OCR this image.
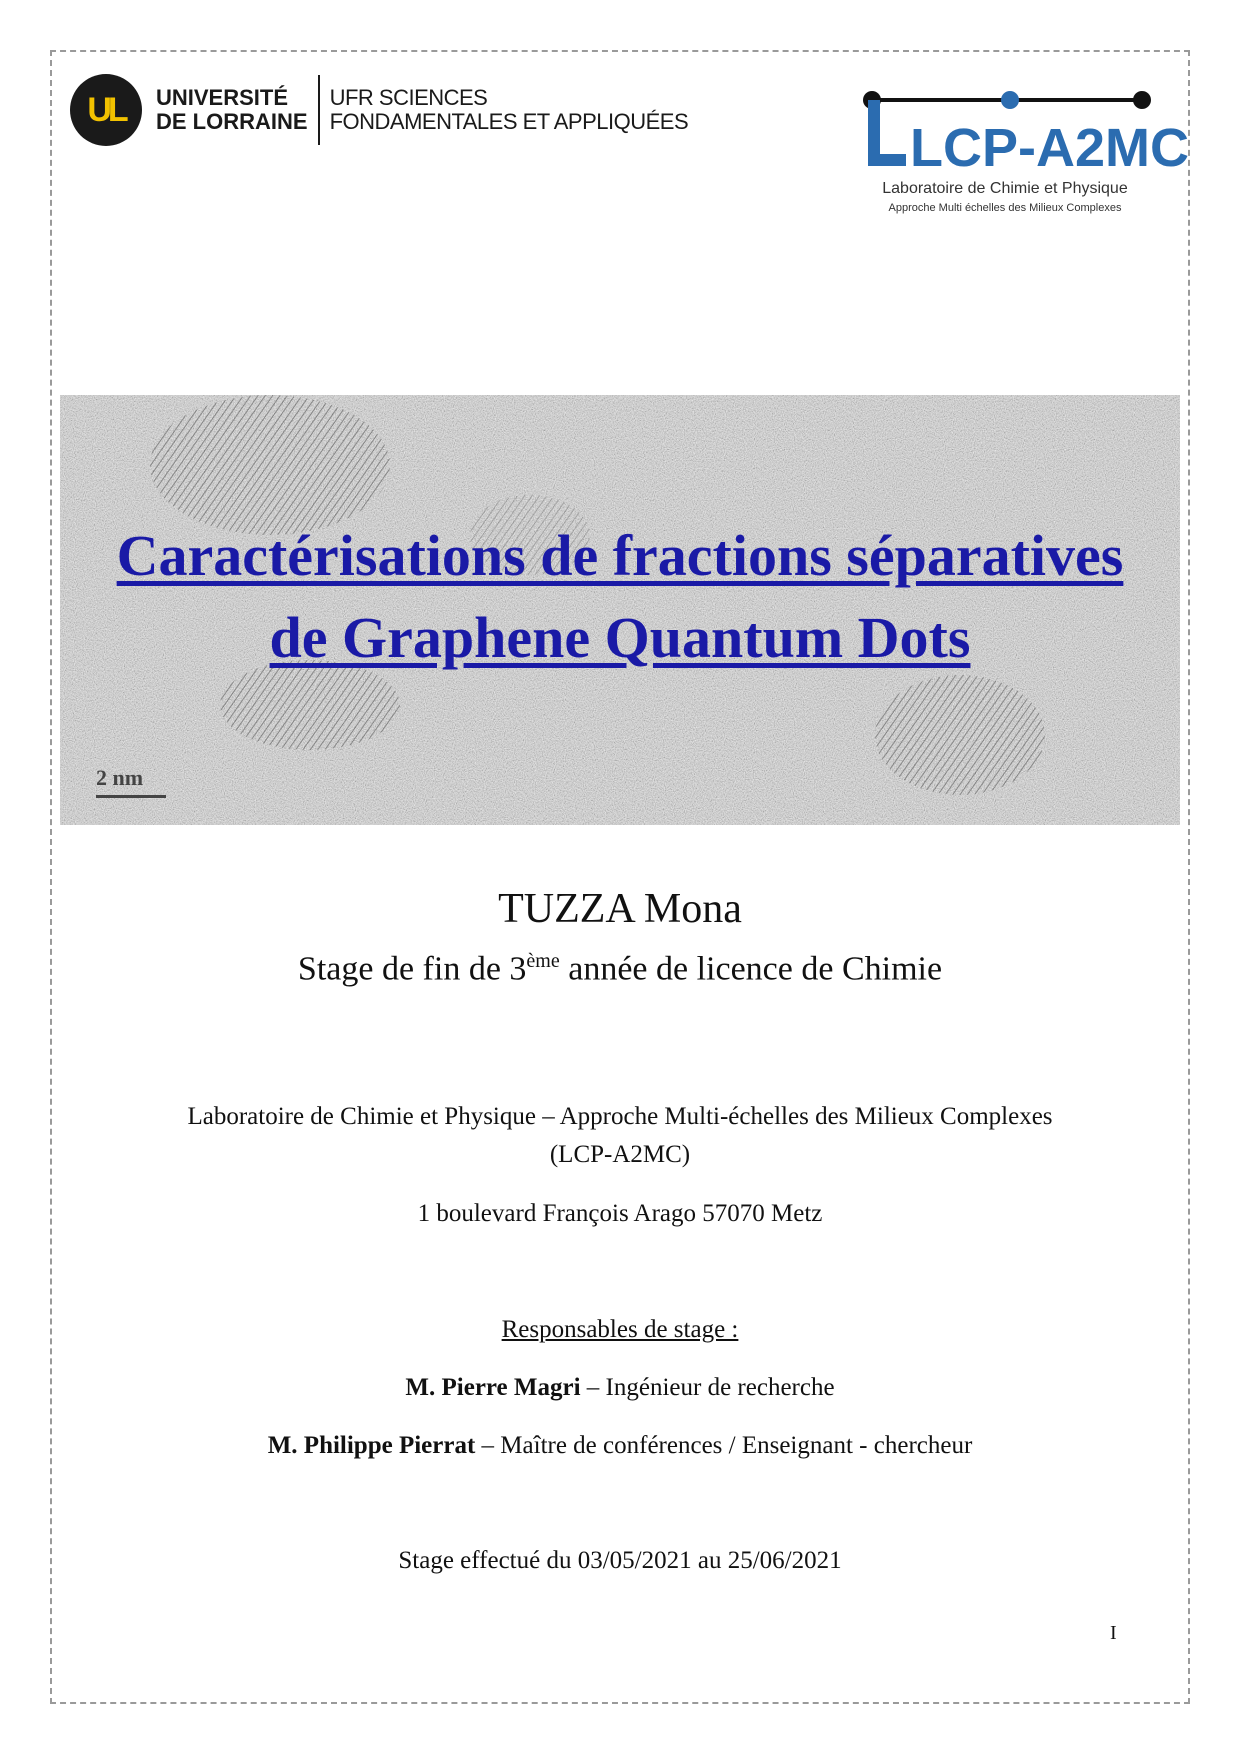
UL UNIVERSITÉ
DE LORRAINE
UFR SCIENCES
FONDAMENTALES ET APPLIQUÉES	LCP-A2MC
Laboratoire de Chimie et Physique
Approche Multi échelles des Milieux Complexes
Caractérisations de fractions séparatives
de Graphene Quantum Dots
2 nm
TUZZA Mona
Stage de fin de 3ème année de licence de Chimie
Laboratoire de Chimie et Physique – Approche Multi-échelles des Milieux Complexes
(LCP-A2MC)
1 boulevard François Arago 57070 Metz
Responsables de stage :
M. Pierre Magri – Ingénieur de recherche
M. Philippe Pierrat – Maître de conférences / Enseignant - chercheur
Stage effectué du 03/05/2021 au 25/06/2021
I
